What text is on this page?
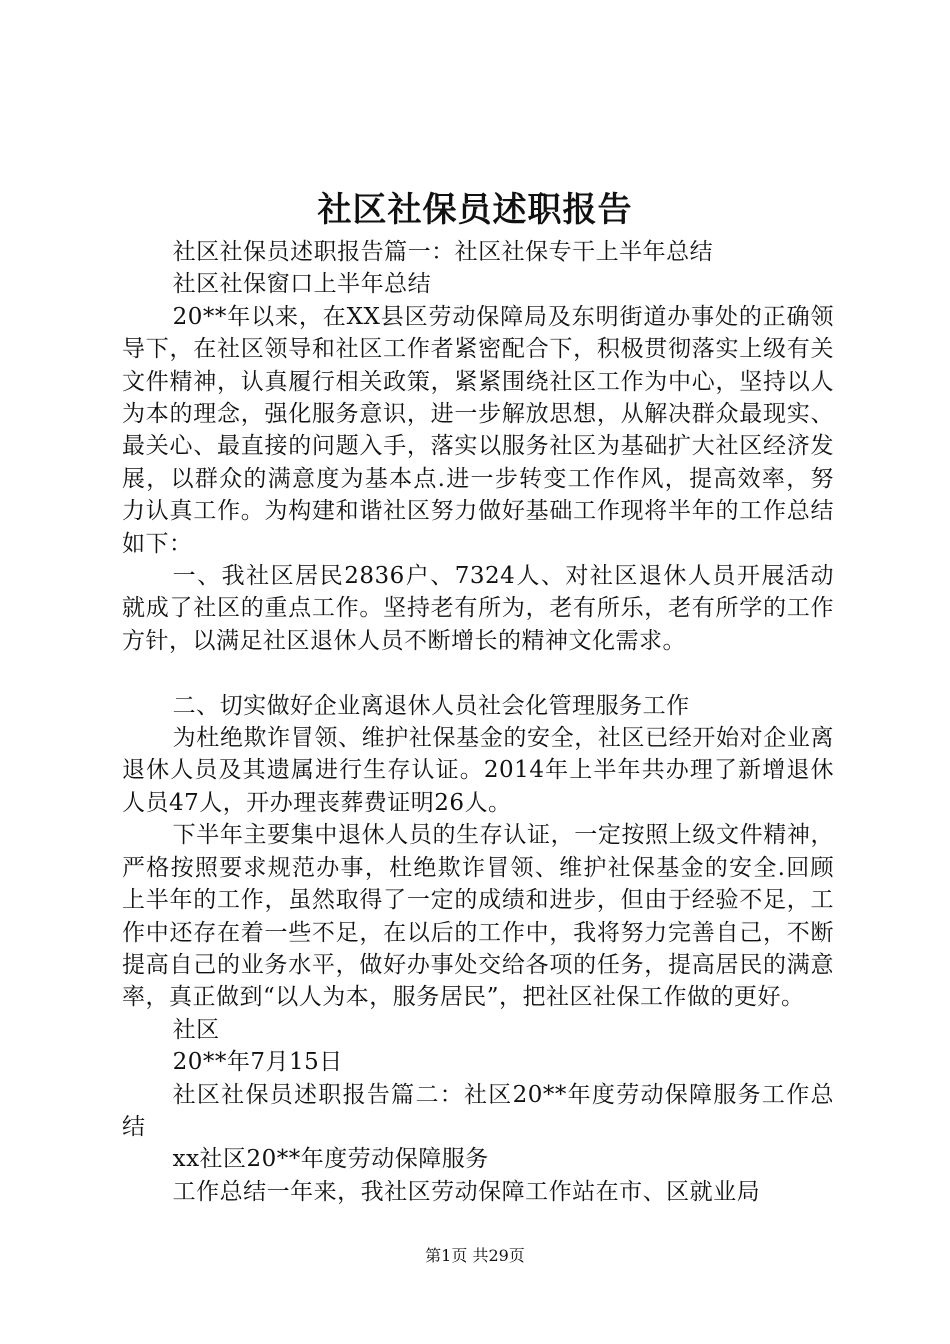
社区社保员述职报告

社区社保员述职报告篇一：社区社保专干上半年总结

社区社保窗口上半年总结

20**年以来，在XX县区劳动保障局及东明街道办事处的正确领导下，在社区领导和社区工作者紧密配合下，积极贯彻落实上级有关文件精神，认真履行相关政策，紧紧围绕社区工作为中心，坚持以人为本的理念，强化服务意识，进一步解放思想，从解决群众最现实、最关心、最直接的问题入手，落实以服务社区为基础扩大社区经济发展，以群众的满意度为基本点.进一步转变工作作风，提高效率，努力认真工作。为构建和谐社区努力做好基础工作现将半年的工作总结如下：

一、我社区居民2836户、7324人、对社区退休人员开展活动就成了社区的重点工作。坚持老有所为，老有所乐，老有所学的工作方针，以满足社区退休人员不断增长的精神文化需求。

二、切实做好企业离退休人员社会化管理服务工作

为杜绝欺诈冒领、维护社保基金的安全，社区已经开始对企业离退休人员及其遗属进行生存认证。2014年上半年共办理了新增退休人员47人，开办理丧葬费证明26人。

下半年主要集中退休人员的生存认证，一定按照上级文件精神，严格按照要求规范办事，杜绝欺诈冒领、维护社保基金的安全.回顾上半年的工作，虽然取得了一定的成绩和进步，但由于经验不足，工作中还存在着一些不足，在以后的工作中，我将努力完善自己，不断提高自己的业务水平，做好办事处交给各项的任务，提高居民的满意率，真正做到“以人为本，服务居民”，把社区社保工作做的更好。

社区

20**年7月15日

社区社保员述职报告篇二：社区20**年度劳动保障服务工作总结

xx社区20**年度劳动保障服务

工作总结一年来，我社区劳动保障工作站在市、区就业局

第1页 共29页
